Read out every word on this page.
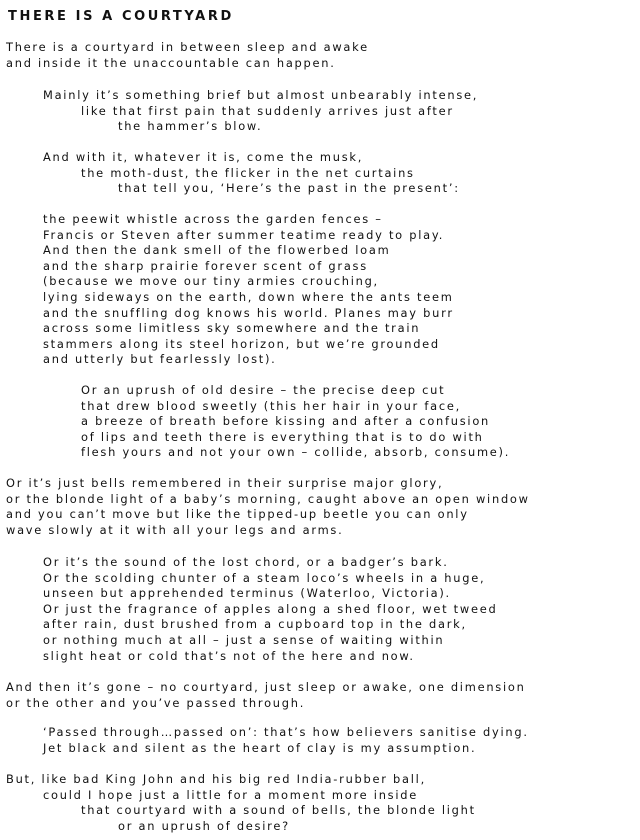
THERE IS A COURTYARD
There is a courtyard in between sleep and awake
and inside it the unaccountable can happen.
Mainly it’s something brief but almost unbearably intense,
like that first pain that suddenly arrives just after
the hammer’s blow.
And with it, whatever it is, come the musk,
the moth-dust, the flicker in the net curtains
that tell you, ‘Here’s the past in the present’:
the peewit whistle across the garden fences –
Francis or Steven after summer teatime ready to play.
And then the dank smell of the flowerbed loam
and the sharp prairie forever scent of grass
(because we move our tiny armies crouching,
lying sideways on the earth, down where the ants teem
and the snuffling dog knows his world. Planes may burr
across some limitless sky somewhere and the train
stammers along its steel horizon, but we’re grounded
and utterly but fearlessly lost).
Or an uprush of old desire – the precise deep cut
that drew blood sweetly (this her hair in your face,
a breeze of breath before kissing and after a confusion
of lips and teeth there is everything that is to do with
flesh yours and not your own – collide, absorb, consume).
Or it’s just bells remembered in their surprise major glory,
or the blonde light of a baby’s morning, caught above an open window
and you can’t move but like the tipped-up beetle you can only
wave slowly at it with all your legs and arms.
Or it’s the sound of the lost chord, or a badger’s bark.
Or the scolding chunter of a steam loco’s wheels in a huge,
unseen but apprehended terminus (Waterloo, Victoria).
Or just the fragrance of apples along a shed floor, wet tweed
after rain, dust brushed from a cupboard top in the dark,
or nothing much at all – just a sense of waiting within
slight heat or cold that’s not of the here and now.
And then it’s gone – no courtyard, just sleep or awake, one dimension
or the other and you’ve passed through.
‘Passed through…passed on’: that’s how believers sanitise dying.
Jet black and silent as the heart of clay is my assumption.
But, like bad King John and his big red India-rubber ball,
could I hope just a little for a moment more inside
that courtyard with a sound of bells, the blonde light
or an uprush of desire?
